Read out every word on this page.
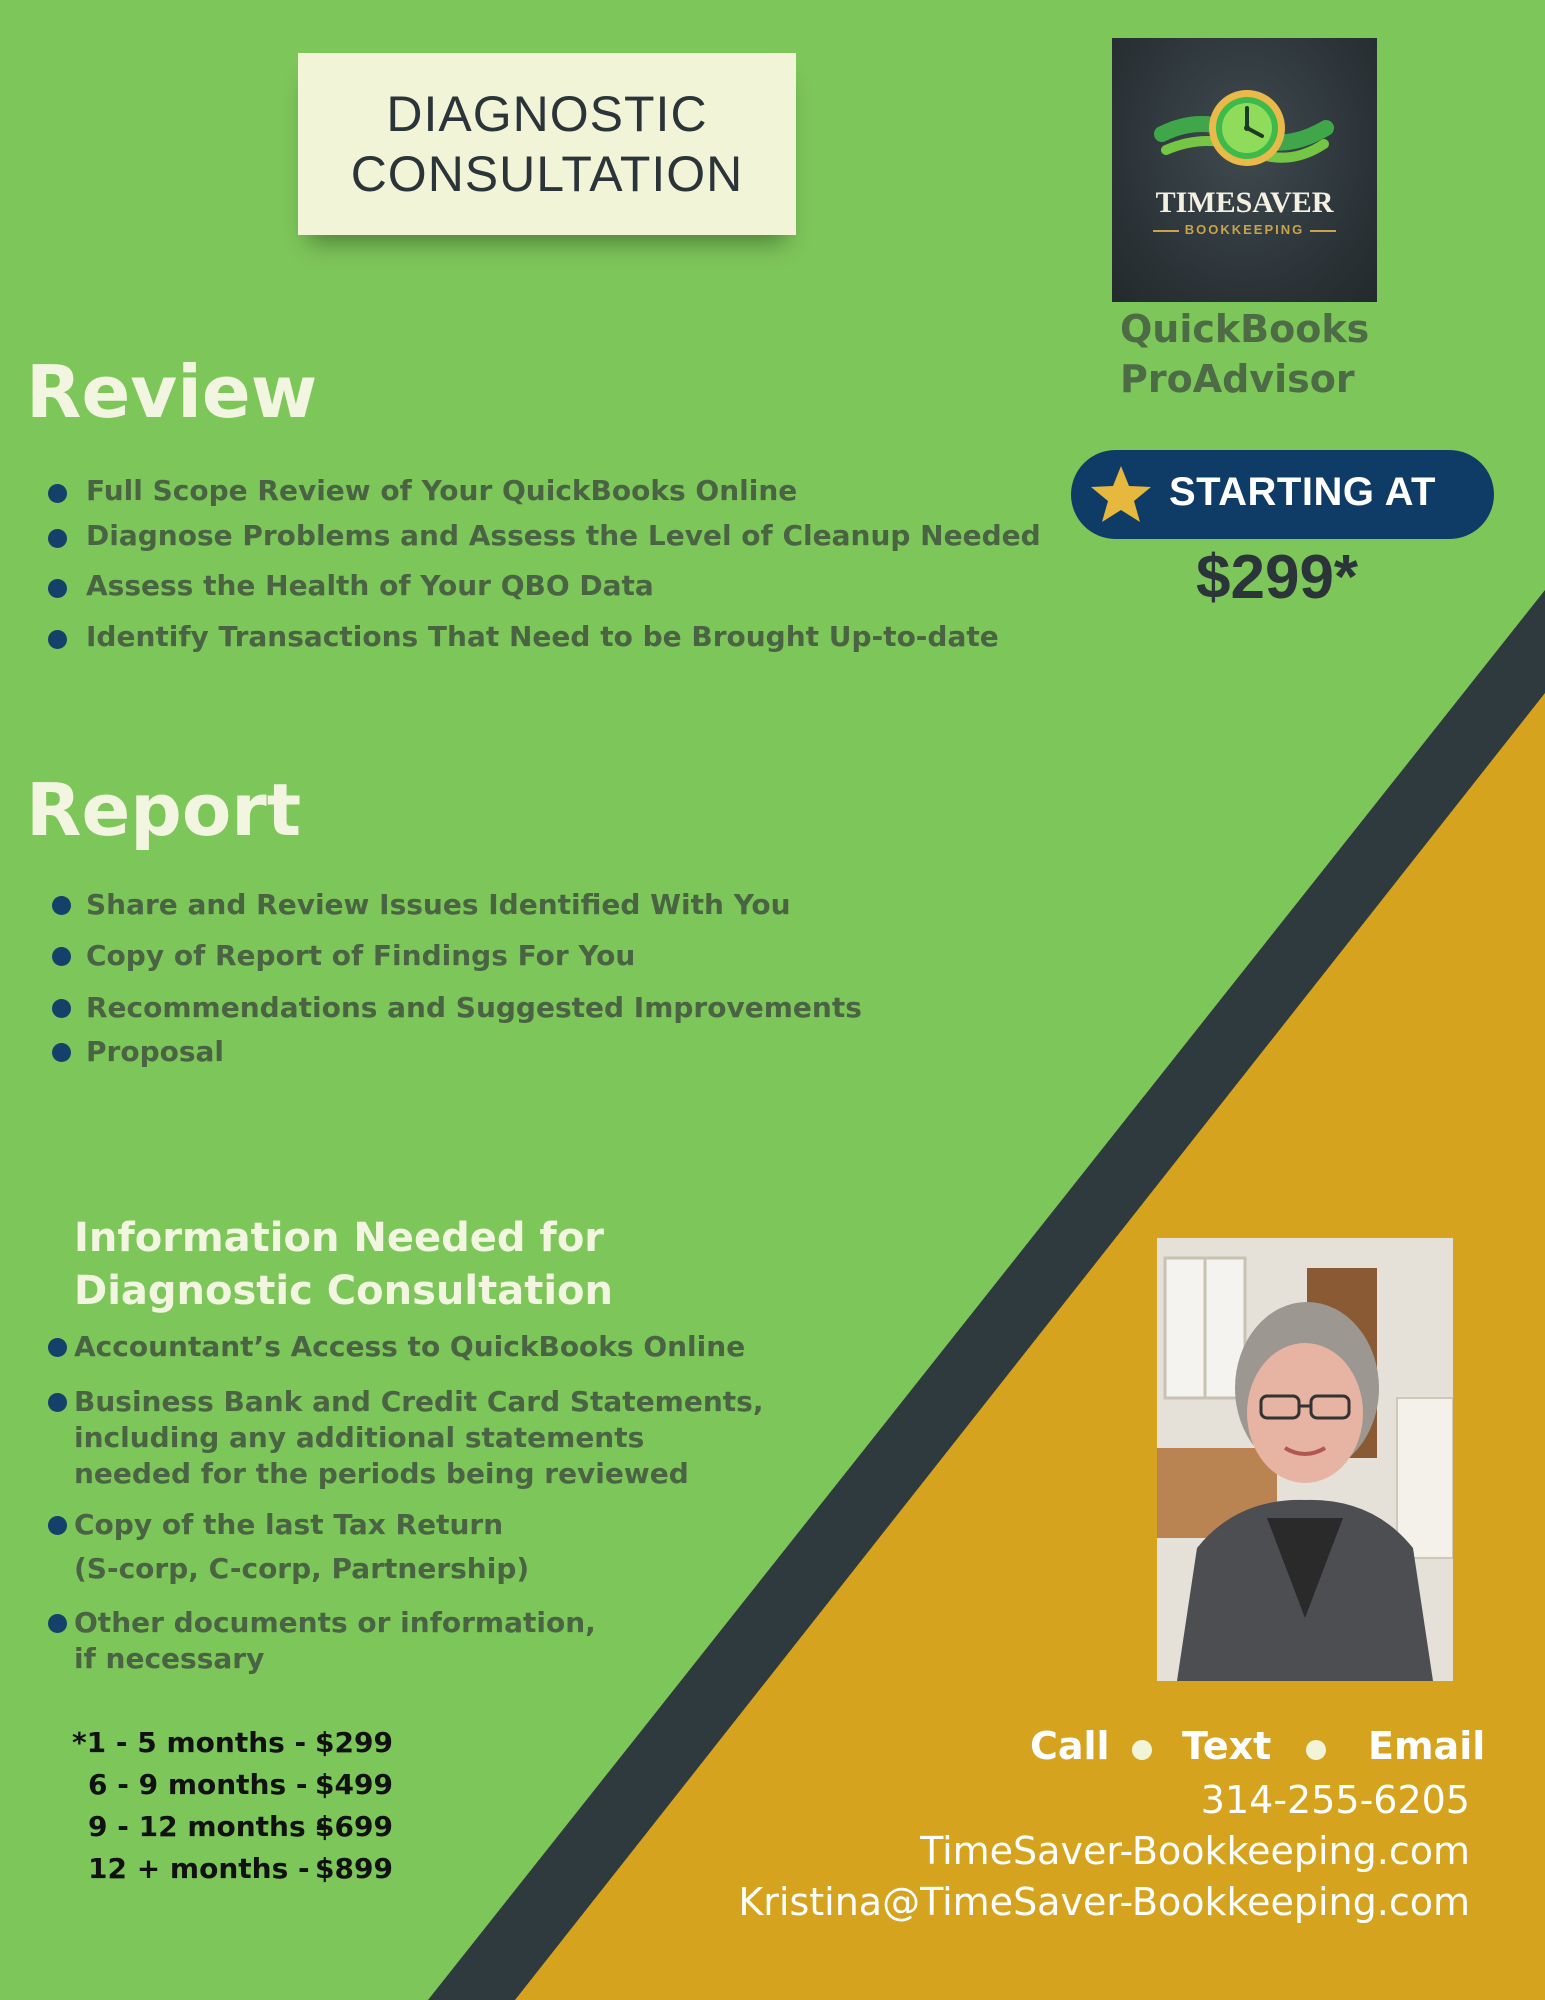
DIAGNOSTIC
CONSULTATION
TIMESAVER
BOOKKEEPING
QuickBooks
ProAdvisor
STARTING AT
$299*
Review
Full Scope Review of Your QuickBooks Online
Diagnose Problems and Assess the Level of Cleanup Needed
Assess the Health of Your QBO Data
Identify Transactions That Need to be Brought Up-to-date
Report
Share and Review Issues Identified With You
Copy of Report of Findings For You
Recommendations and Suggested Improvements
Proposal
Information Needed for
Diagnostic Consultation
Accountant’s Access to QuickBooks Online
Business Bank and Credit Card Statements,
including any additional statements
needed for the periods being reviewed
Copy of the last Tax Return
(S-corp, C-corp, Partnership)
Other documents or information,
if necessary
*1 - 5 months - $299
6 - 9 months - $499
9 - 12 months -
$699
12 + months - $899
Call Text	Email
314-255-6205
TimeSaver-Bookkeeping.com
Kristina@TimeSaver-Bookkeeping.com
